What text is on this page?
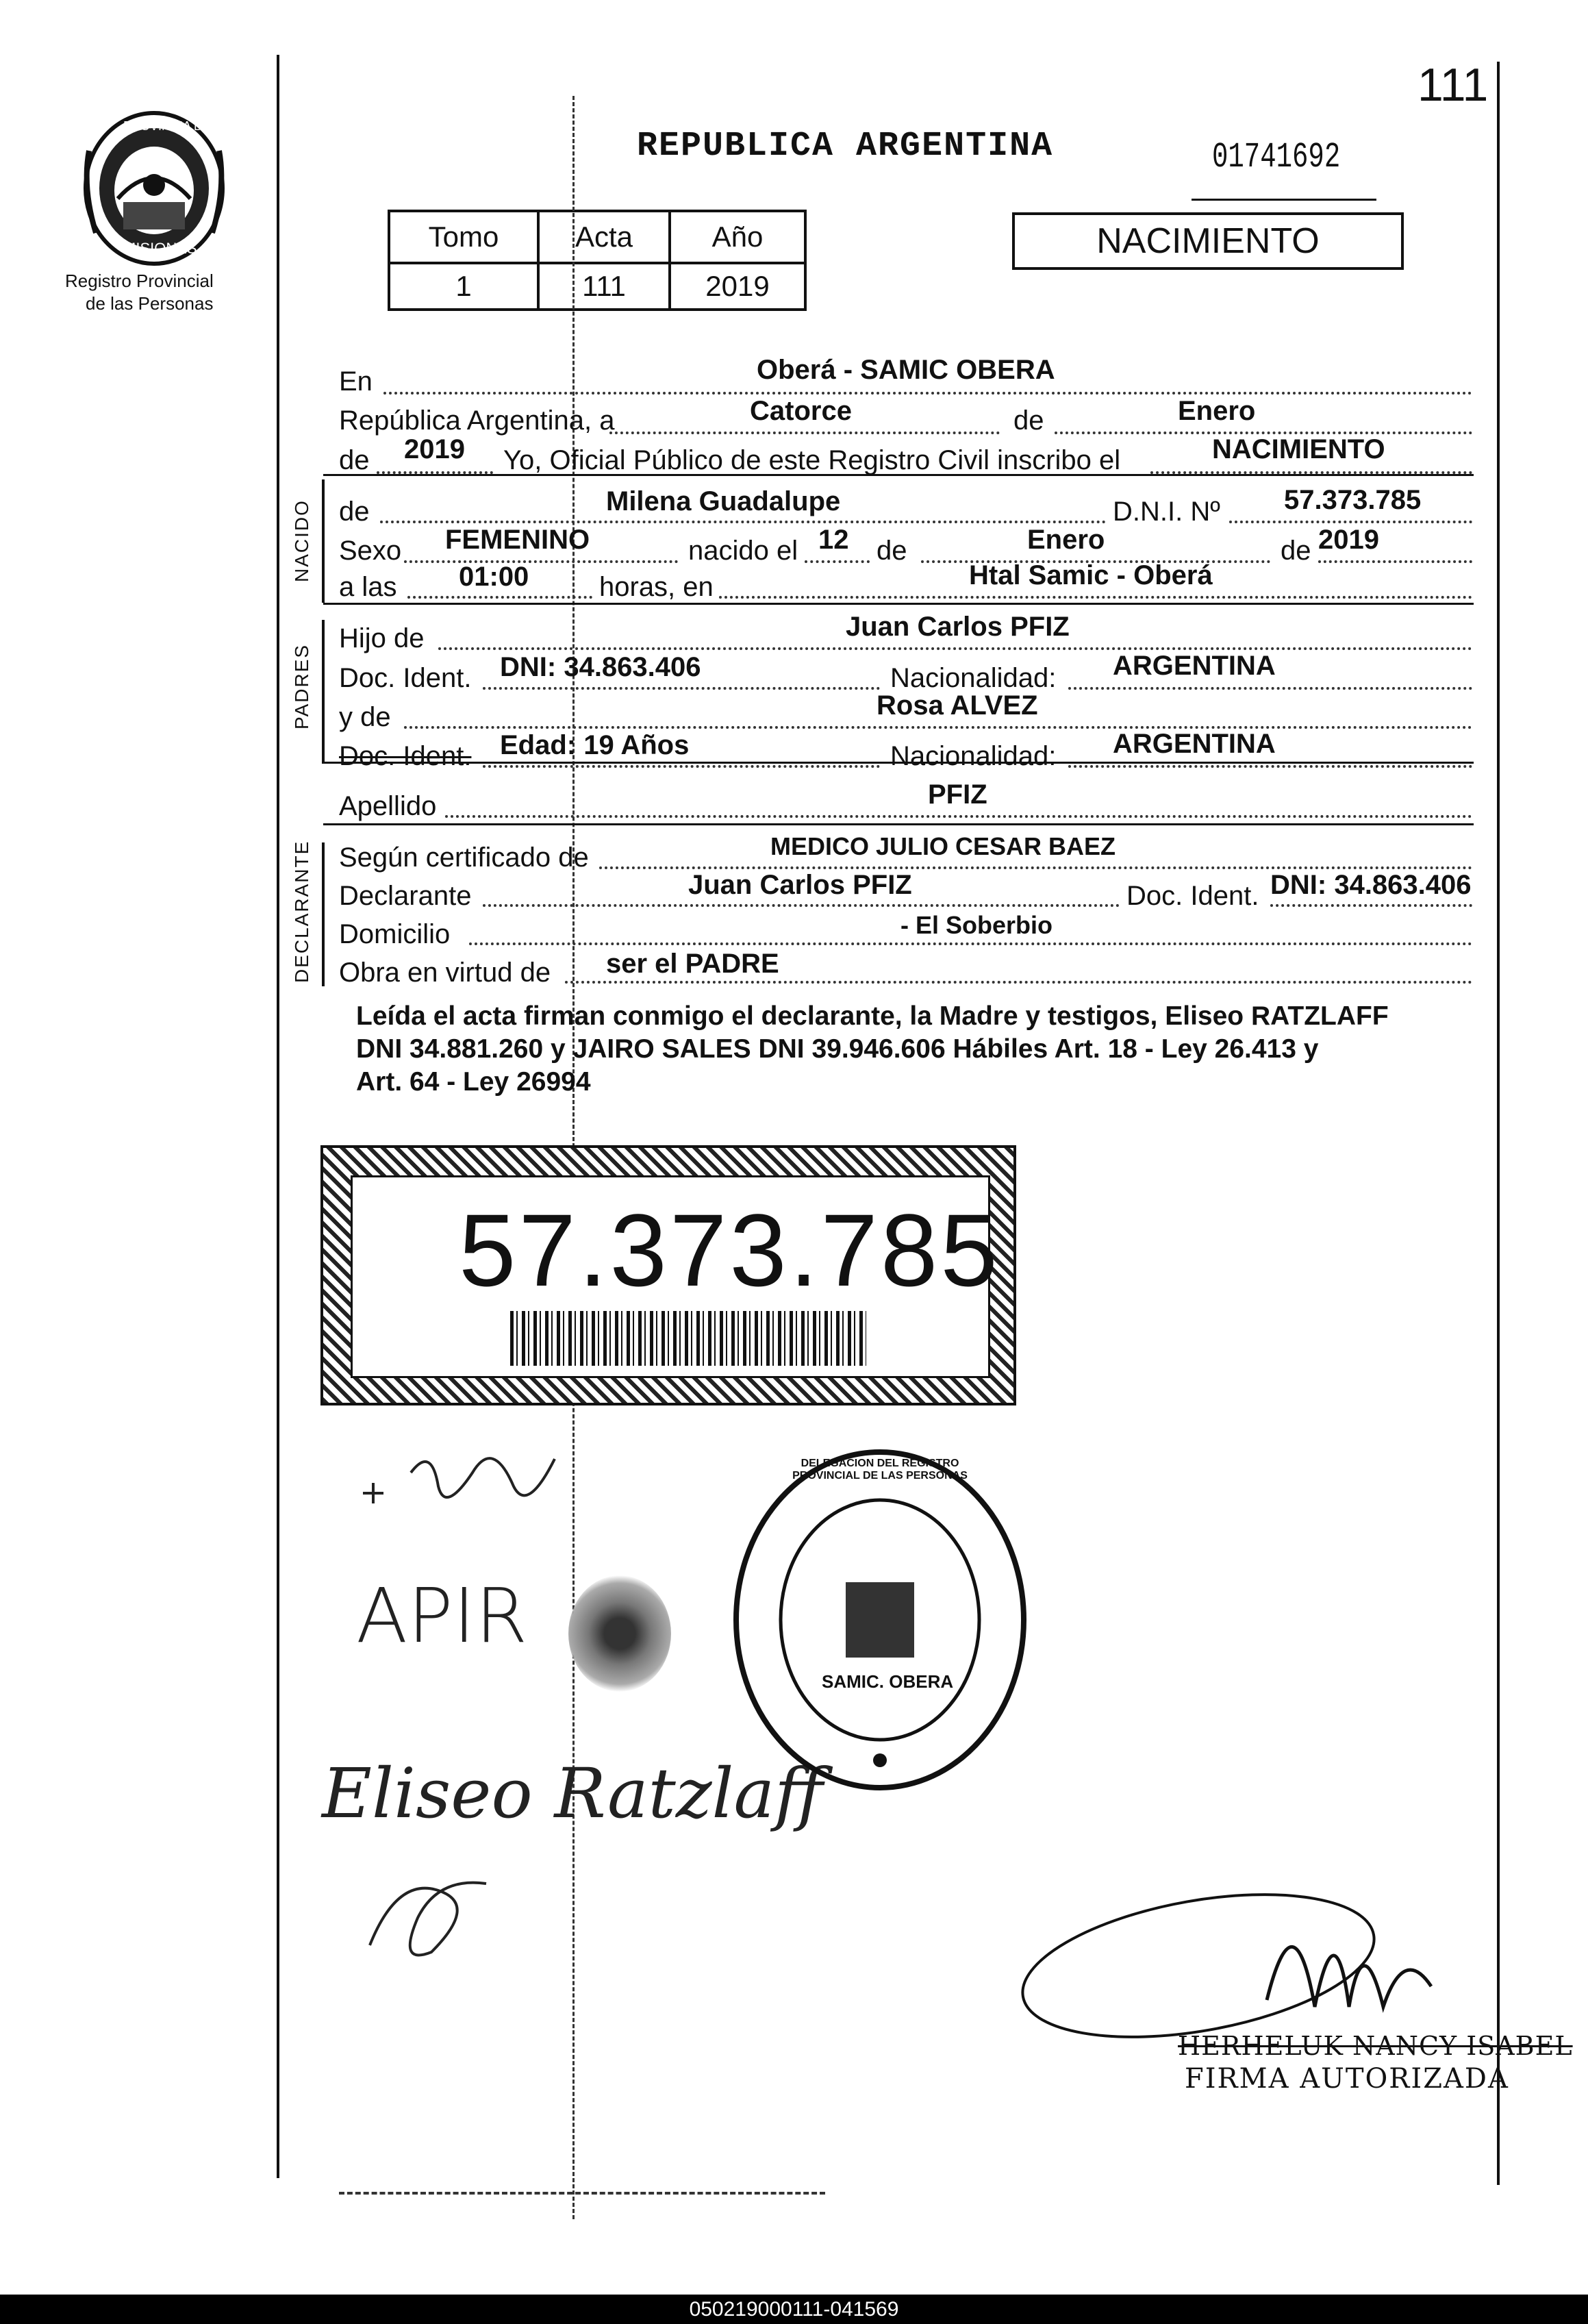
111
PROVINCIA DE
MISIONES
Registro Provincial
de las Personas
REPUBLICA ARGENTINA	01741692
Tomo	Acta	Año
1	111	2019
NACIMIENTO
NACIDO
PADRES
DECLARANTE
En	Oberá - SAMIC OBERA
República Argentina, a	Catorce	de	Enero
de 2019 Yo, Oficial Público de este Registro Civil inscribo el	NACIMIENTO
de	Milena Guadalupe	D.N.I. Nº 57.373.785
Sexo FEMENINO	nacido el 12 de	Enero	de 2019
a las 01:00	horas, en	Htal Samic - Oberá
Hijo de	Juan Carlos PFIZ
Doc. Ident. DNI: 34.863.406	Nacionalidad: ARGENTINA
y de	Rosa ALVEZ
Doc. Ident. Edad: 19 Años	Nacionalidad: ARGENTINA
Apellido	PFIZ
Según certificado de	MEDICO JULIO CESAR BAEZ
Declarante	Juan Carlos PFIZ	Doc. Ident. DNI: 34.863.406
Domicilio	- El Soberbio
Obra en virtud de ser el PADRE
Leída el acta firman conmigo el declarante, la Madre y testigos, Eliseo RATZLAFF
DNI 34.881.260 y JAIRO SALES DNI 39.946.606 Hábiles Art. 18 - Ley 26.413 y
Art. 64 - Ley 26994
57.373.785
APIR
Eliseo Ratzlaff
DELEGACION DEL REGISTRO PROVINCIAL DE LAS PERSONAS
SAMIC. OBERA
HERHELUK NANCY ISABEL
FIRMA AUTORIZADA
050219000111-041569
